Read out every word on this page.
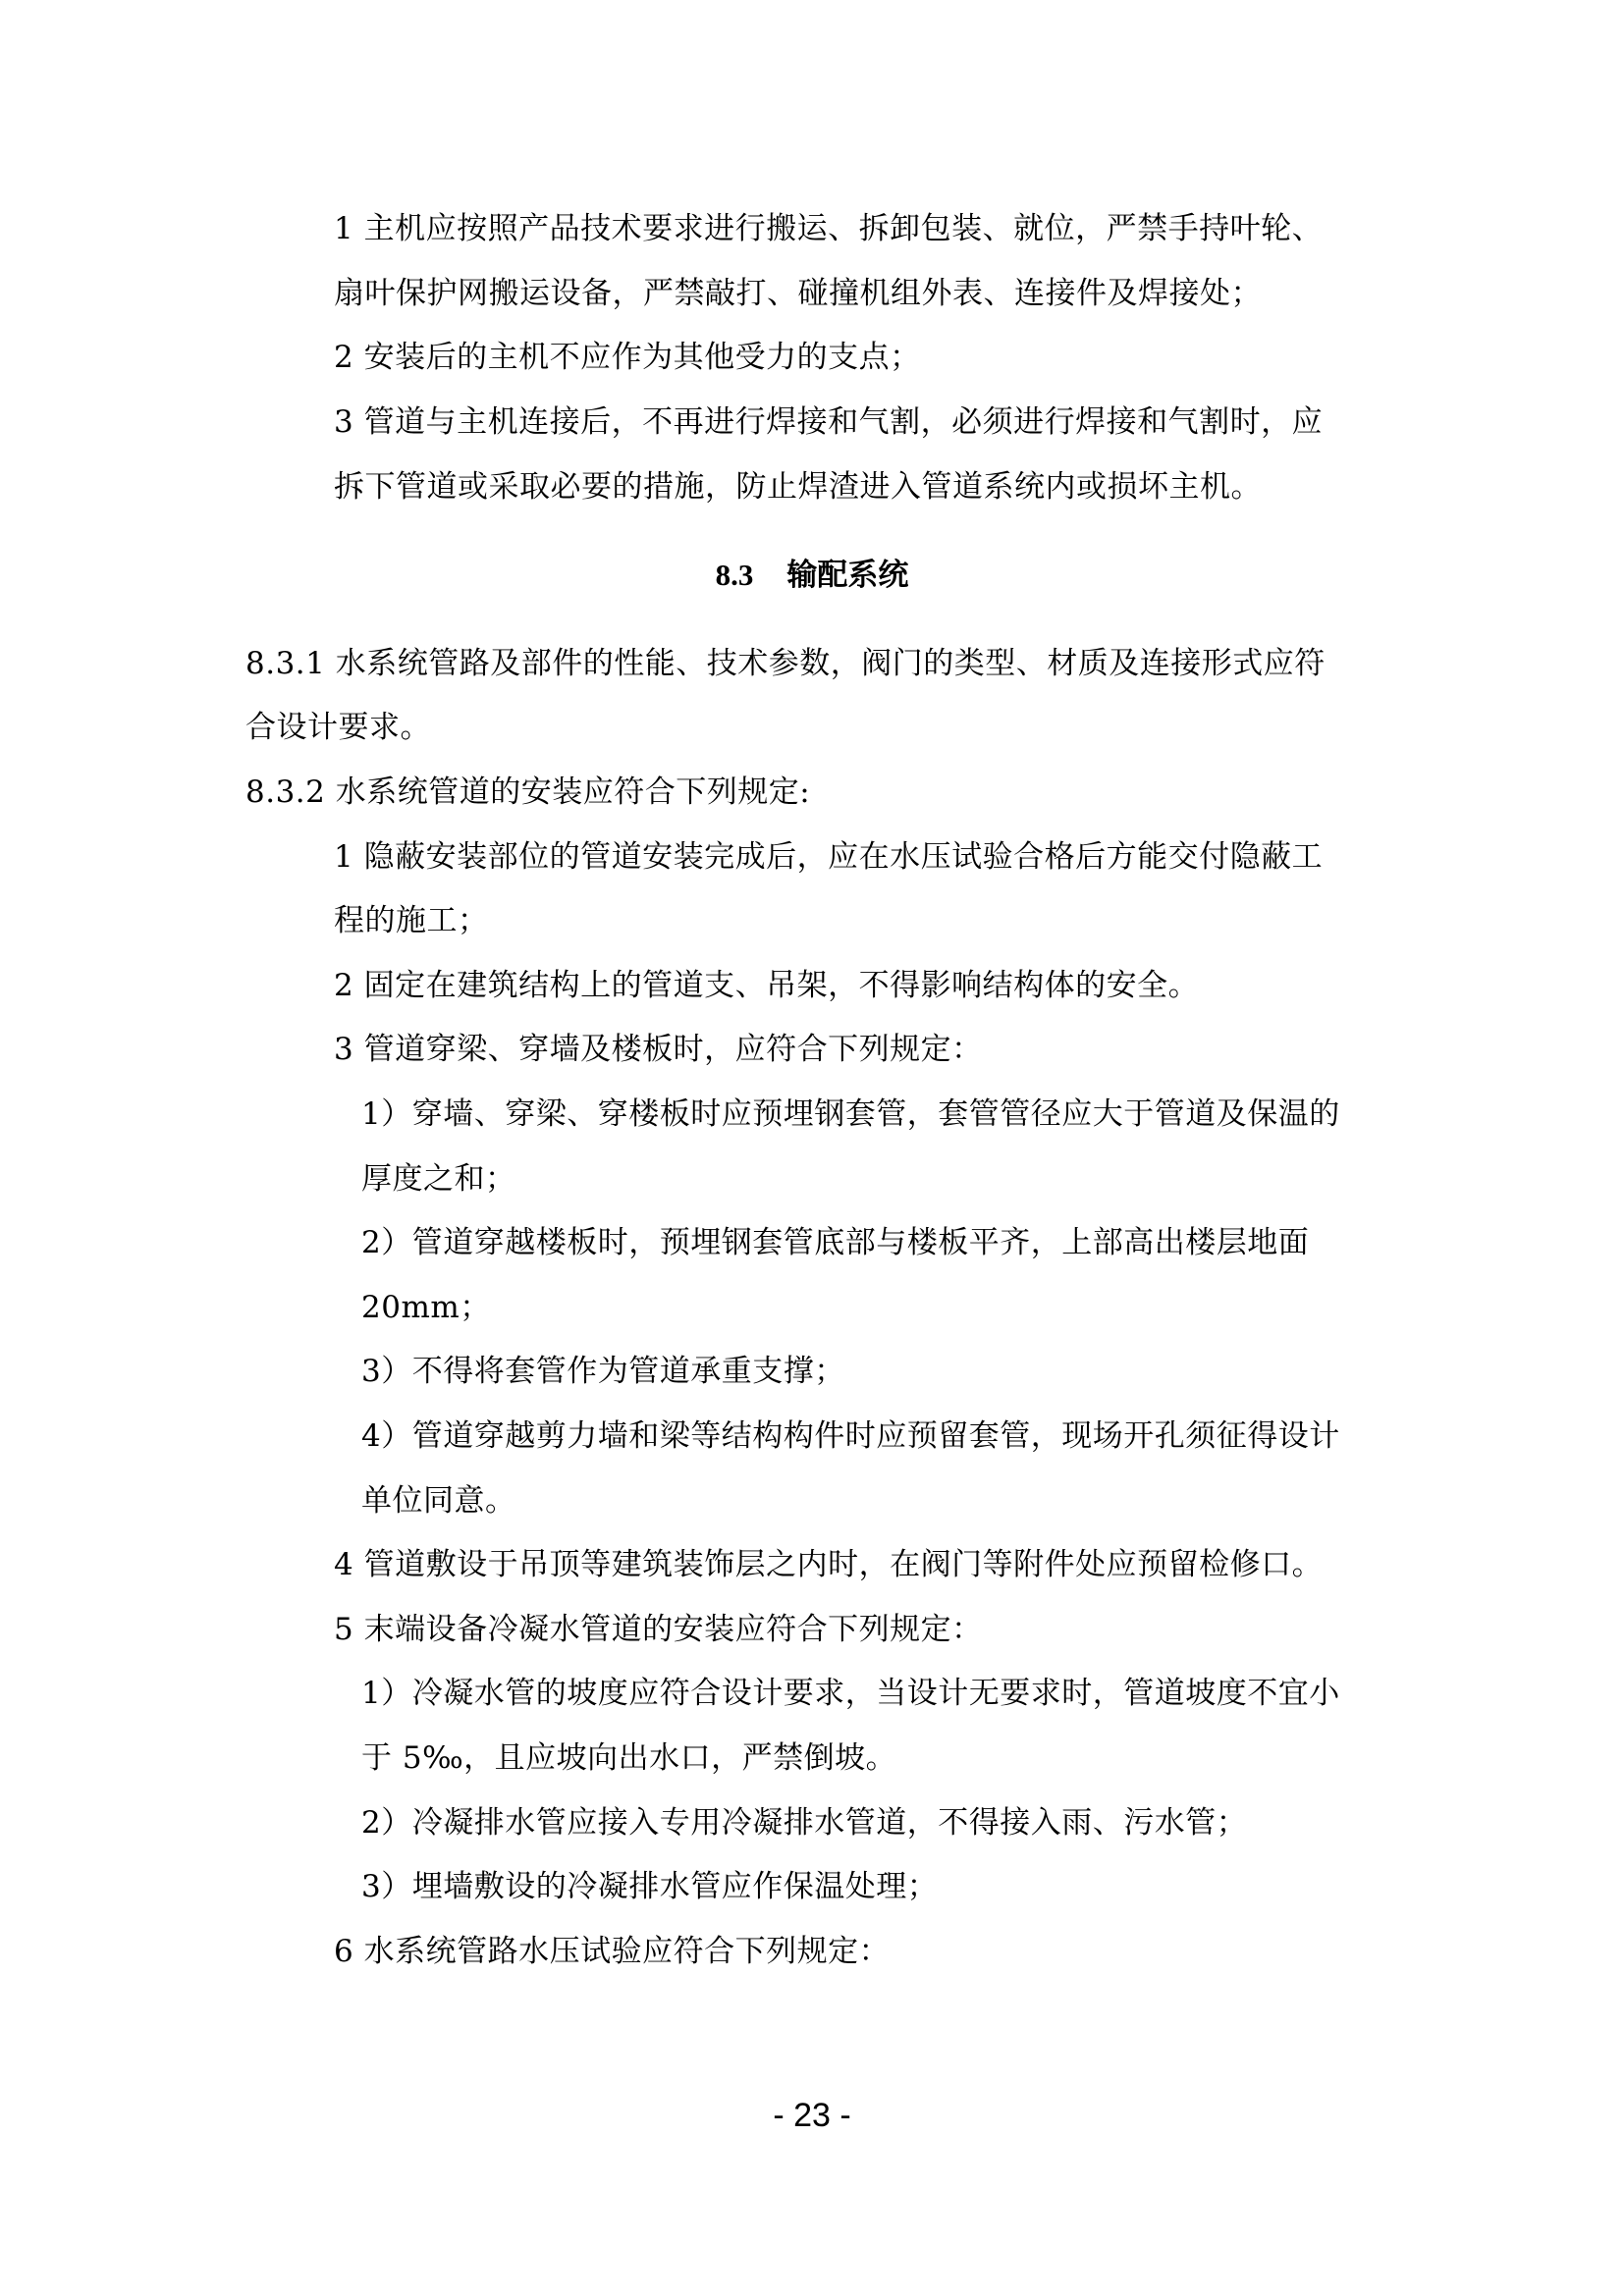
1 主机应按照产品技术要求进行搬运、拆卸包装、就位，严禁手持叶轮、
扇叶保护网搬运设备，严禁敲打、碰撞机组外表、连接件及焊接处；
2 安装后的主机不应作为其他受力的支点；
3 管道与主机连接后，不再进行焊接和气割，必须进行焊接和气割时，应
拆下管道或采取必要的措施，防止焊渣进入管道系统内或损坏主机。
8.3 输配系统
8.3.1 水系统管路及部件的性能、技术参数，阀门的类型、材质及连接形式应符
合设计要求。
8.3.2 水系统管道的安装应符合下列规定:
1 隐蔽安装部位的管道安装完成后，应在水压试验合格后方能交付隐蔽工
程的施工；
2 固定在建筑结构上的管道支、吊架，不得影响结构体的安全。
3 管道穿梁、穿墙及楼板时，应符合下列规定：
1）穿墙、穿梁、穿楼板时应预埋钢套管，套管管径应大于管道及保温的
厚度之和；
2）管道穿越楼板时，预埋钢套管底部与楼板平齐，上部高出楼层地面
20mm；
3）不得将套管作为管道承重支撑；
4）管道穿越剪力墙和梁等结构构件时应预留套管，现场开孔须征得设计
单位同意。
4 管道敷设于吊顶等建筑装饰层之内时，在阀门等附件处应预留检修口。
5 末端设备冷凝水管道的安装应符合下列规定：
1）冷凝水管的坡度应符合设计要求，当设计无要求时，管道坡度不宜小
于 5‰，且应坡向出水口，严禁倒坡。
2）冷凝排水管应接入专用冷凝排水管道，不得接入雨、污水管；
3）埋墙敷设的冷凝排水管应作保温处理；
6 水系统管路水压试验应符合下列规定：
- 23 -
